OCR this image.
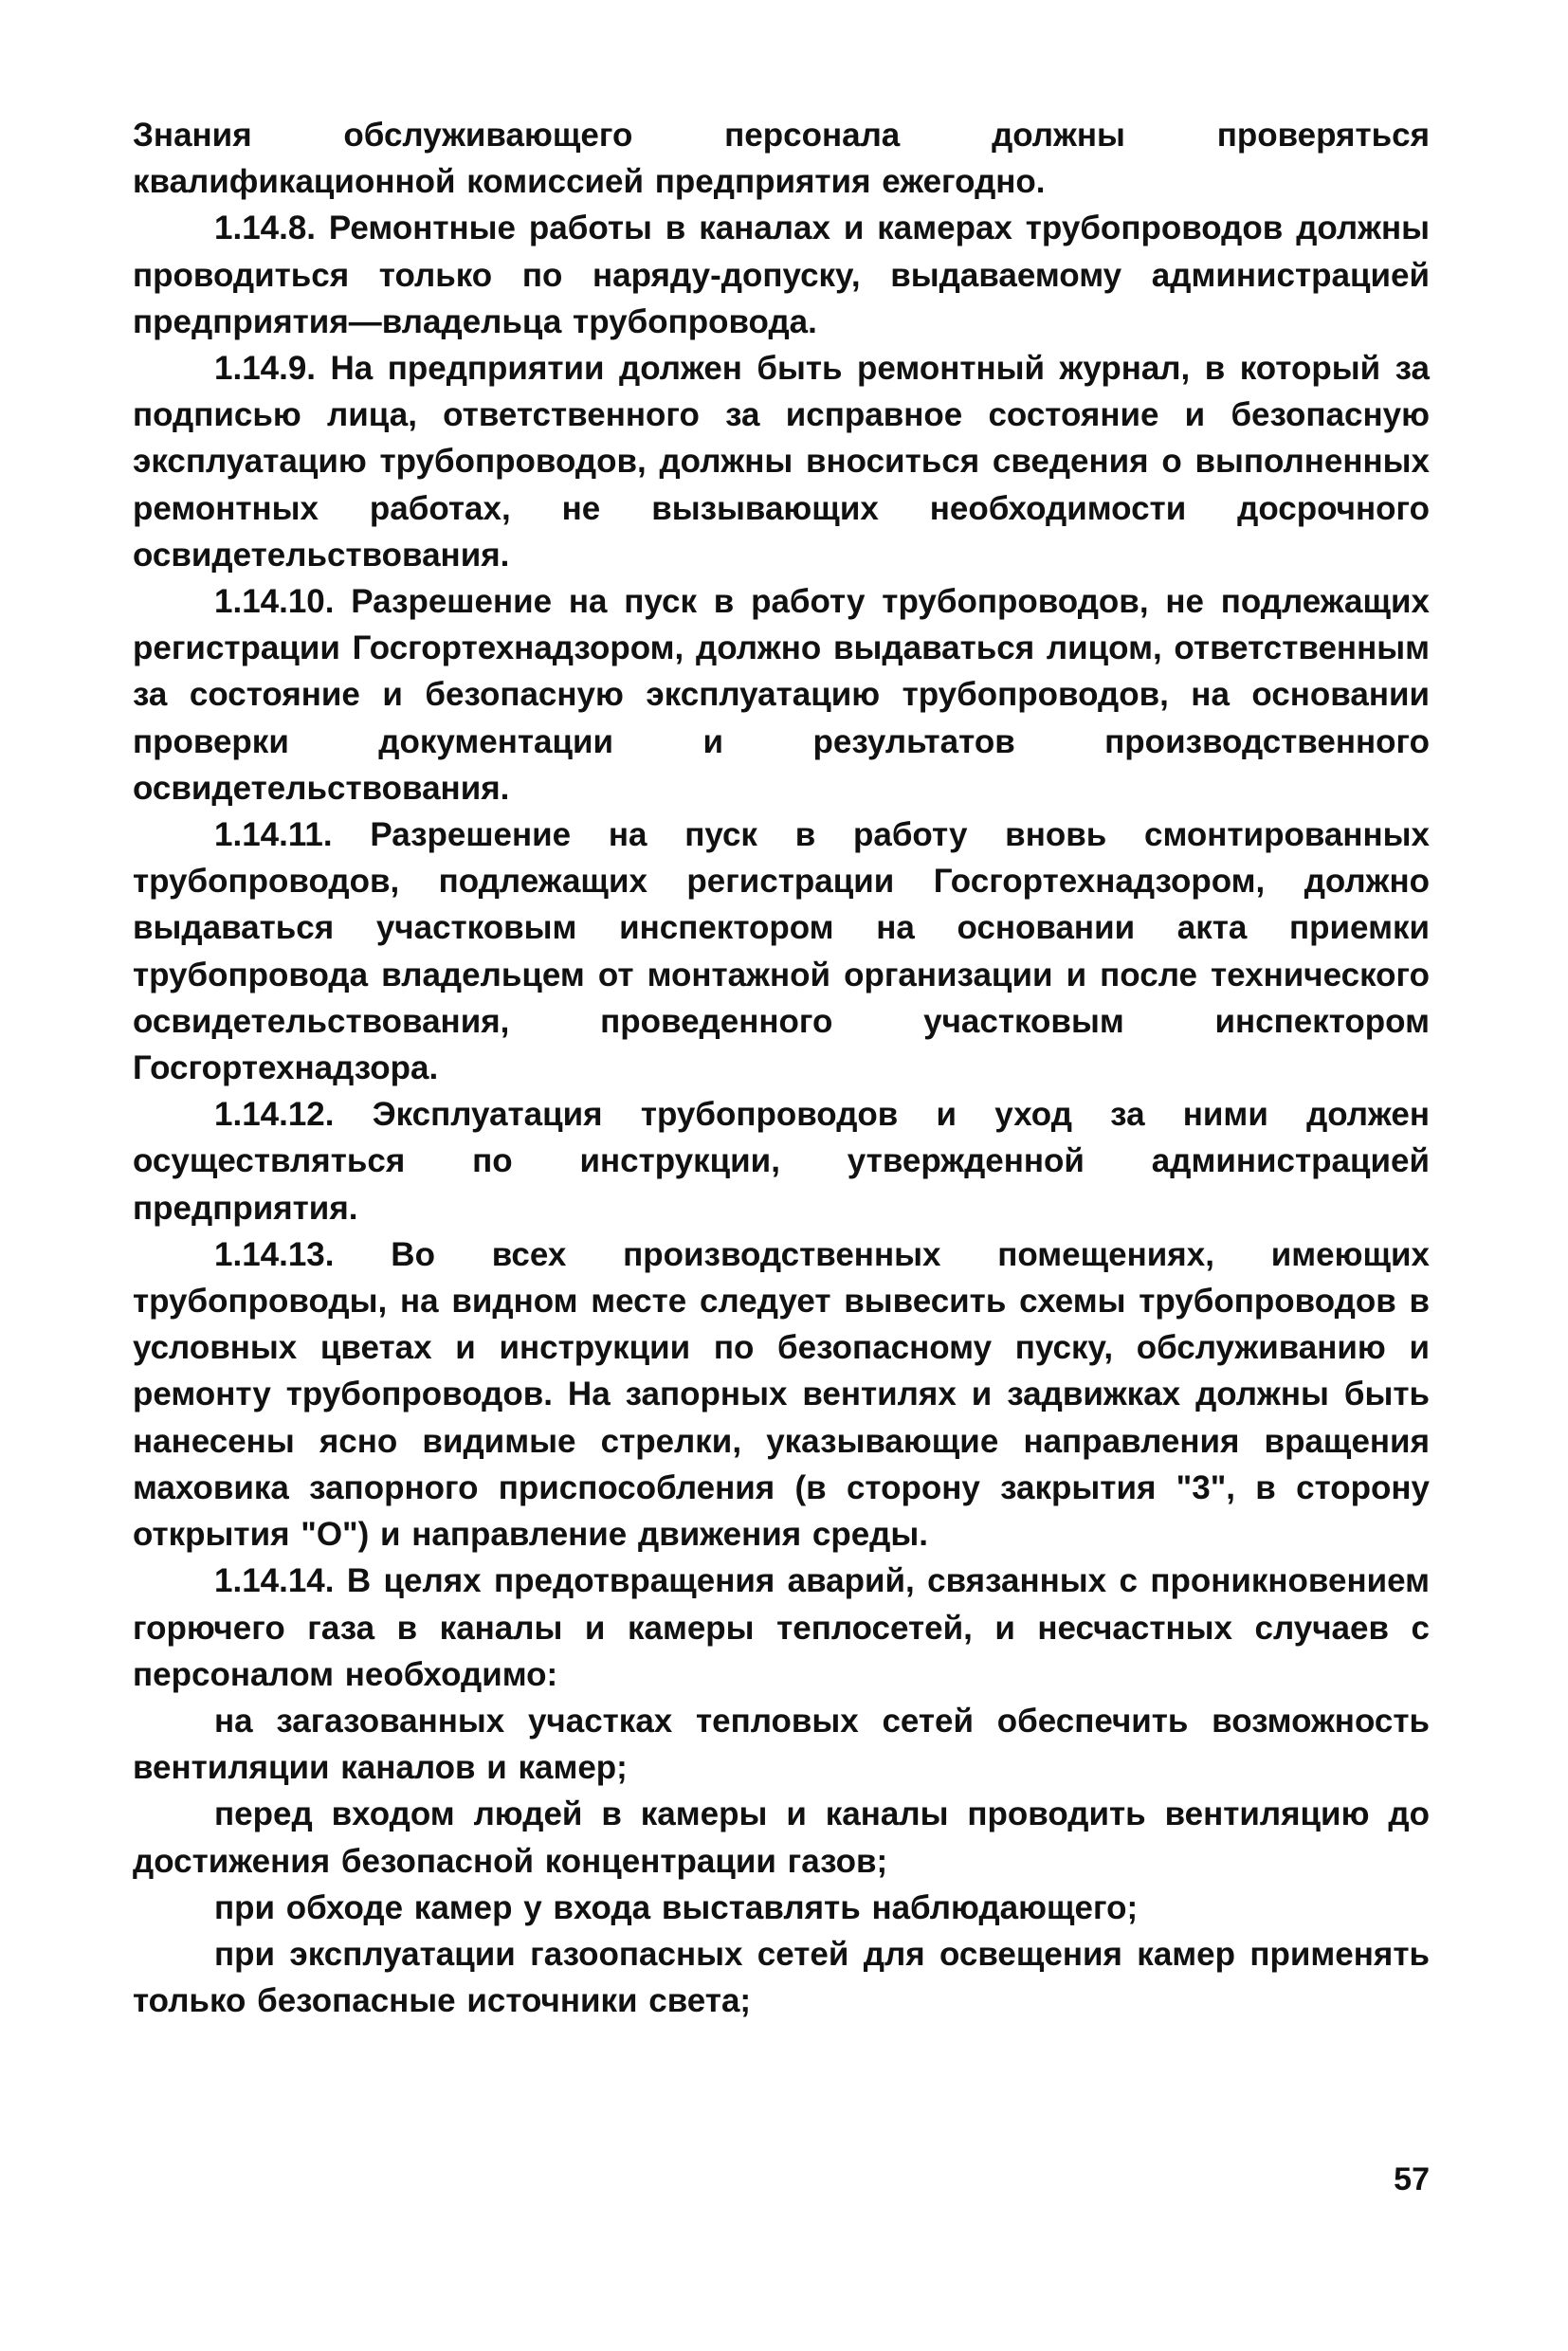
Знания обслуживающего персонала должны проверяться квалификационной комиссией предприятия ежегодно.

1.14.8. Ремонтные работы в каналах и камерах трубопроводов должны проводиться только по наряду-допуску, выдаваемому администрацией предприятия—владельца трубопровода.

1.14.9. На предприятии должен быть ремонтный журнал, в который за подписью лица, ответственного за исправное состояние и безопасную эксплуатацию трубопроводов, должны вноситься сведения о выполненных ремонтных работах, не вызывающих необходимости досрочного освидетельствования.

1.14.10. Разрешение на пуск в работу трубопроводов, не подлежащих регистрации Госгортехнадзором, должно выдаваться лицом, ответственным за состояние и безопасную эксплуатацию трубопроводов, на основании проверки документации и результатов производственного освидетельствования.

1.14.11. Разрешение на пуск в работу вновь смонтированных трубопроводов, подлежащих регистрации Госгортехнадзором, должно выдаваться участковым инспектором на основании акта приемки трубопровода владельцем от монтажной организации и после технического освидетельствования, проведенного участковым инспектором Госгортехнадзора.

1.14.12. Эксплуатация трубопроводов и уход за ними должен осуществляться по инструкции, утвержденной администрацией предприятия.

1.14.13. Во всех производственных помещениях, имеющих трубопроводы, на видном месте следует вывесить схемы трубопроводов в условных цветах и инструкции по безопасному пуску, обслуживанию и ремонту трубопроводов. На запорных вентилях и задвижках должны быть нанесены ясно видимые стрелки, указывающие направления вращения маховика запорного приспособления (в сторону закрытия "3", в сторону открытия "О") и направление движения среды.

1.14.14. В целях предотвращения аварий, связанных с проникновением горючего газа в каналы и камеры теплосетей, и несчастных случаев с персоналом необходимо:

на загазованных участках тепловых сетей обеспечить возможность вентиляции каналов и камер;

перед входом людей в камеры и каналы проводить вентиляцию до достижения безопасной концентрации газов;

при обходе камер у входа выставлять наблюдающего;

при эксплуатации газоопасных сетей для освещения камер применять только безопасные источники света;

57
